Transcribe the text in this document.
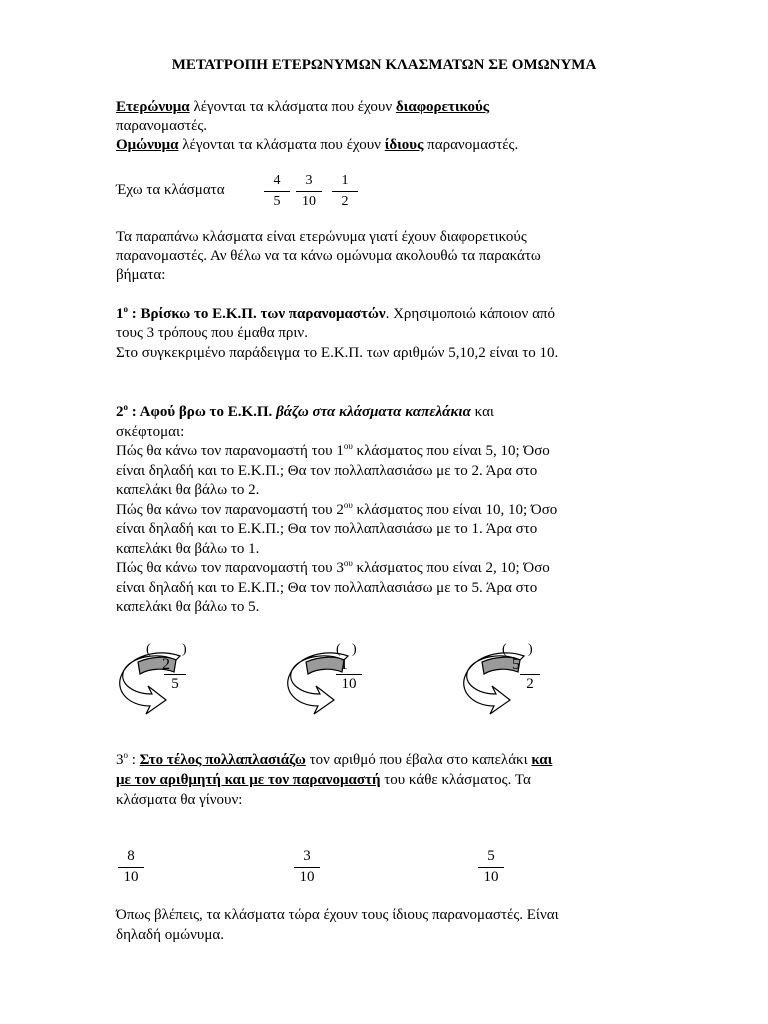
ΜΕΤΑΤΡΟΠΗ ΕΤΕΡΩΝΥΜΩΝ ΚΛΑΣΜΑΤΩΝ ΣΕ ΟΜΩΝΥΜΑ
Ετερώνυμα λέγονται τα κλάσματα που έχουν διαφορετικούς
παρανομαστές.
Ομώνυμα λέγονται τα κλάσματα που έχουν ίδιους παρανομαστές.
Έχω τα κλάσματα
4
5
3
10
1
2
Τα παραπάνω κλάσματα είναι ετερώνυμα γιατί έχουν διαφορετικούς
παρανομαστές. Αν θέλω να τα κάνω ομώνυμα ακολουθώ τα παρακάτω
βήματα:
$1^o$ : Βρίσκω το Ε.Κ.Π. των παρανομαστών. Χρησιμοποιώ κάποιον από
τους 3 τρόπους που έμαθα πριν.
Στο συγκεκριμένο παράδειγμα το Ε.Κ.Π. των αριθμών 5,10,2 είναι το 10.
$2^o$ : Αφού βρω το Ε.Κ.Π. βάζω στα κλάσματα καπελάκια και
σκέφτομαι:
Πώς θα κάνω τον παρανομαστή του $1^{o\upsilon}$ κλάσματος που είναι 5, 10; Όσο
είναι δηλαδή και το Ε.Κ.Π.; Θα τον πολλαπλασιάσω με το 2. Άρα στο
καπελάκι θα βάλω το 2.
Πώς θα κάνω τον παρανομαστή του $2^{o\upsilon}$ κλάσματος που είναι 10, 10; Όσο
είναι δηλαδή και το Ε.Κ.Π.; Θα τον πολλαπλασιάσω με το 1. Άρα στο
καπελάκι θα βάλω το 1.
Πώς θα κάνω τον παρανομαστή του $3^{o\upsilon}$ κλάσματος που είναι 2, 10; Όσο
είναι δηλαδή και το Ε.Κ.Π.; Θα τον πολλαπλασιάσω με το 5. Άρα στο
καπελάκι θα βάλω το 5.
( )
2
5
( )
1
10
( )
5
2
$3^o$ : Στο τέλος πολλαπλασιάζω τον αριθμό που έβαλα στο καπελάκι και
με τον αριθμητή και με τον παρανομαστή του κάθε κλάσματος. Τα
κλάσματα θα γίνουν:
8
10
3
10
5
10
Όπως βλέπεις, τα κλάσματα τώρα έχουν τους ίδιους παρανομαστές. Είναι
δηλαδή ομώνυμα.
